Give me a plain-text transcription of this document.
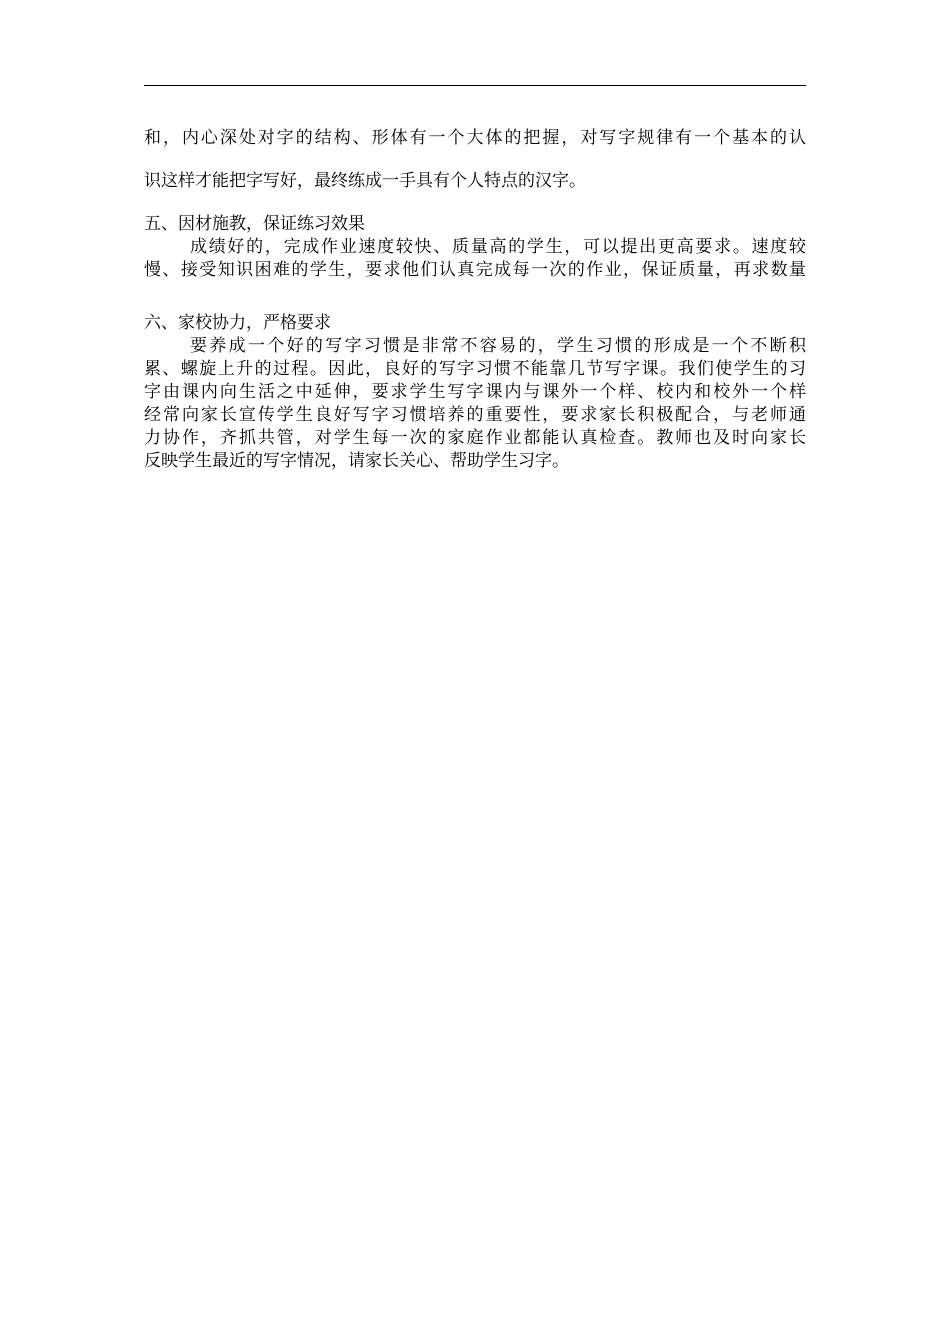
和，内心深处对字的结构、形体有一个大体的把握，对写字规律有一个基本的认
识这样才能把字写好，最终练成一手具有个人特点的汉字。
五、因材施教，保证练习效果
成绩好的，完成作业速度较快、质量高的学生，可以提出更高要求。速度较
慢、接受知识困难的学生，要求他们认真完成每一次的作业，保证质量，再求数量
六、家校协力，严格要求
要养成一个好的写字习惯是非常不容易的，学生习惯的形成是一个不断积
累、螺旋上升的过程。因此，良好的写字习惯不能靠几节写字课。我们使学生的习
字由课内向生活之中延伸，要求学生写字课内与课外一个样、校内和校外一个样
经常向家长宣传学生良好写字习惯培养的重要性，要求家长积极配合，与老师通
力协作，齐抓共管，对学生每一次的家庭作业都能认真检查。教师也及时向家长
反映学生最近的写字情况，请家长关心、帮助学生习字。
